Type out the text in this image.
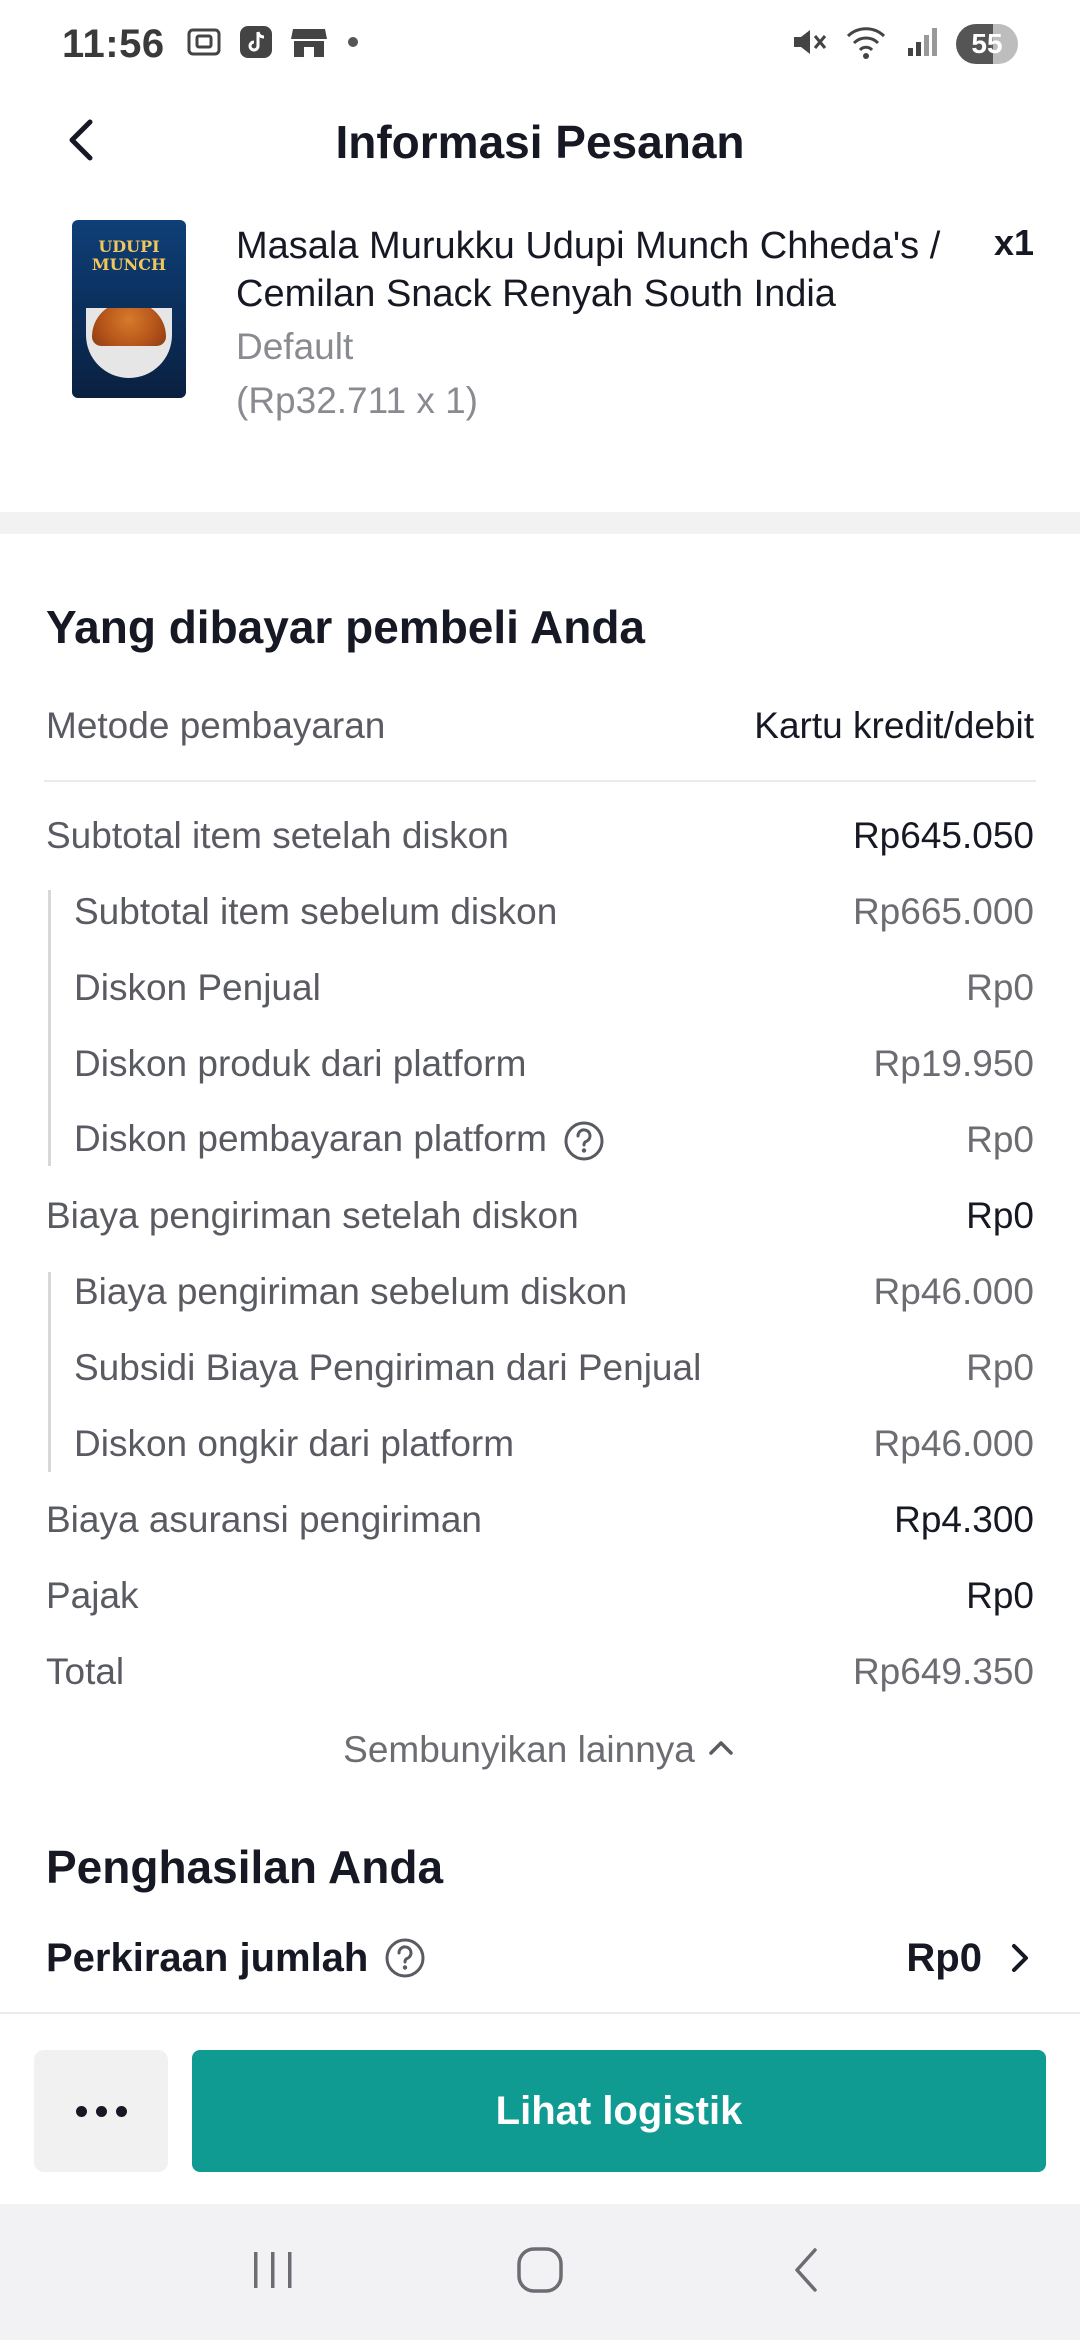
11:56	55
Informasi Pesanan
UDUPI MUNCH	Masala Murukku Udupi Munch Chheda's / Cemilan Snack Renyah South India
x1
Default
(Rp32.711 x 1)
Yang dibayar pembeli Anda
Metode pembayaran	Kartu kredit/debit
Subtotal item setelah diskon	Rp645.050
Subtotal item sebelum diskon	Rp665.000
Diskon Penjual	Rp0
Diskon produk dari platform	Rp19.950
Diskon pembayaran platform	Rp0
Biaya pengiriman setelah diskon	Rp0
Biaya pengiriman sebelum diskon	Rp46.000
Subsidi Biaya Pengiriman dari Penjual	Rp0
Diskon ongkir dari platform	Rp46.000
Biaya asuransi pengiriman	Rp4.300
Pajak	Rp0
Total	Rp649.350
Sembunyikan lainnya
Penghasilan Anda
Perkiraan jumlah	Rp0
Lihat logistik
